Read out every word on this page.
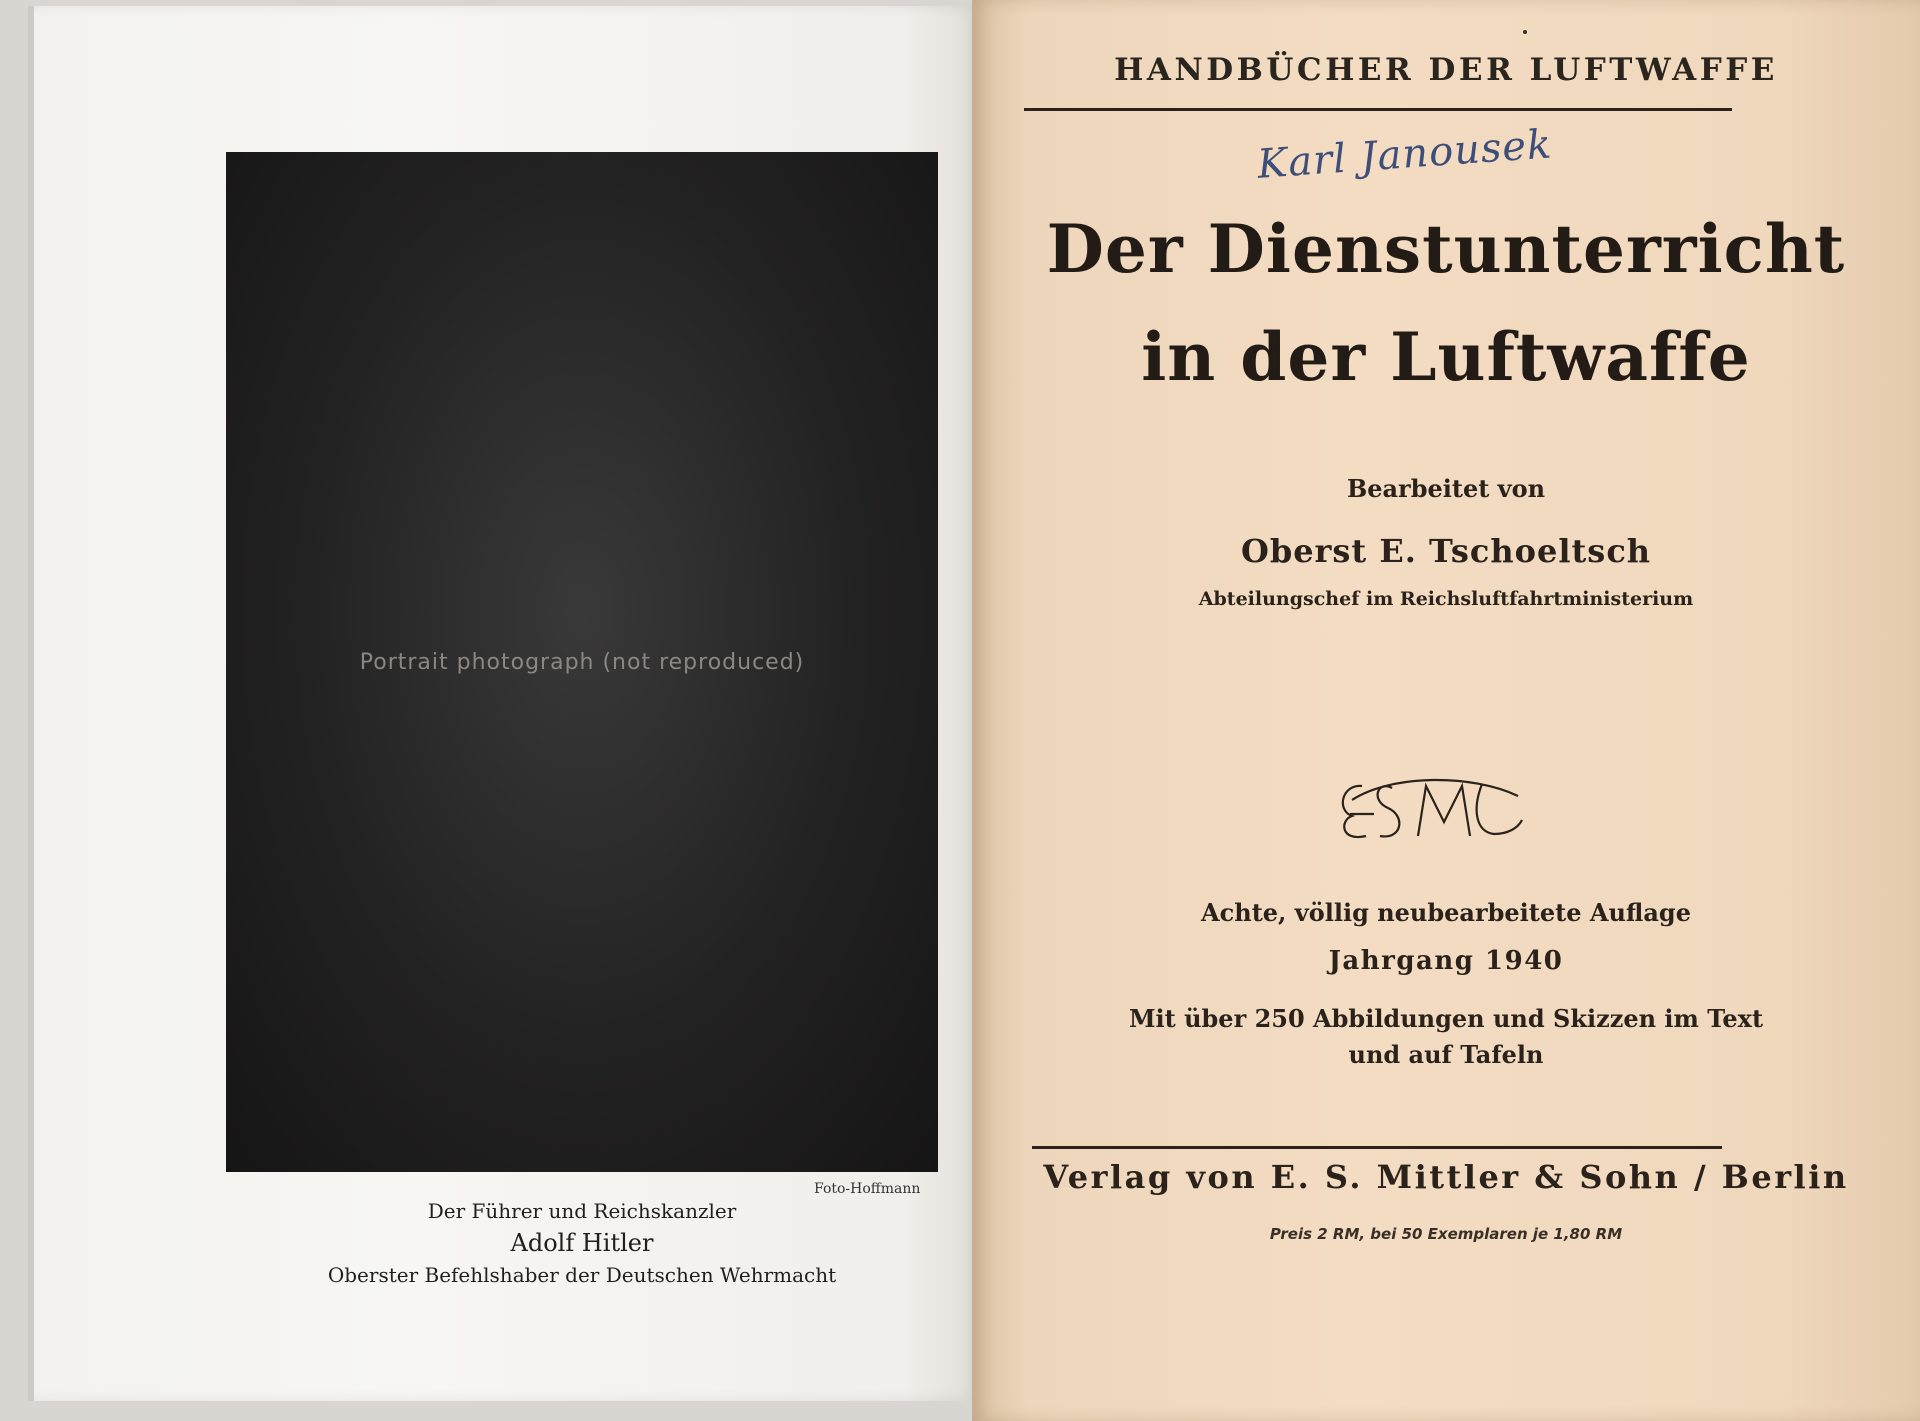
Portrait photograph (not reproduced)
Foto-Hoffmann
Der Führer und Reichskanzler
Adolf Hitler
Oberster Befehlshaber der Deutschen Wehrmacht
HANDBÜCHER DER LUFTWAFFE
Karl Janousek
Der Dienstunterricht
in der Luftwaffe
Bearbeitet von
Oberst E. Tschoeltsch
Abteilungschef im Reichsluftfahrtministerium
Achte, völlig neubearbeitete Auflage
Jahrgang 1940
Mit über 250 Abbildungen und Skizzen im Text
und auf Tafeln
Verlag von E. S. Mittler & Sohn / Berlin
Preis 2 RM, bei 50 Exemplaren je 1,80 RM
